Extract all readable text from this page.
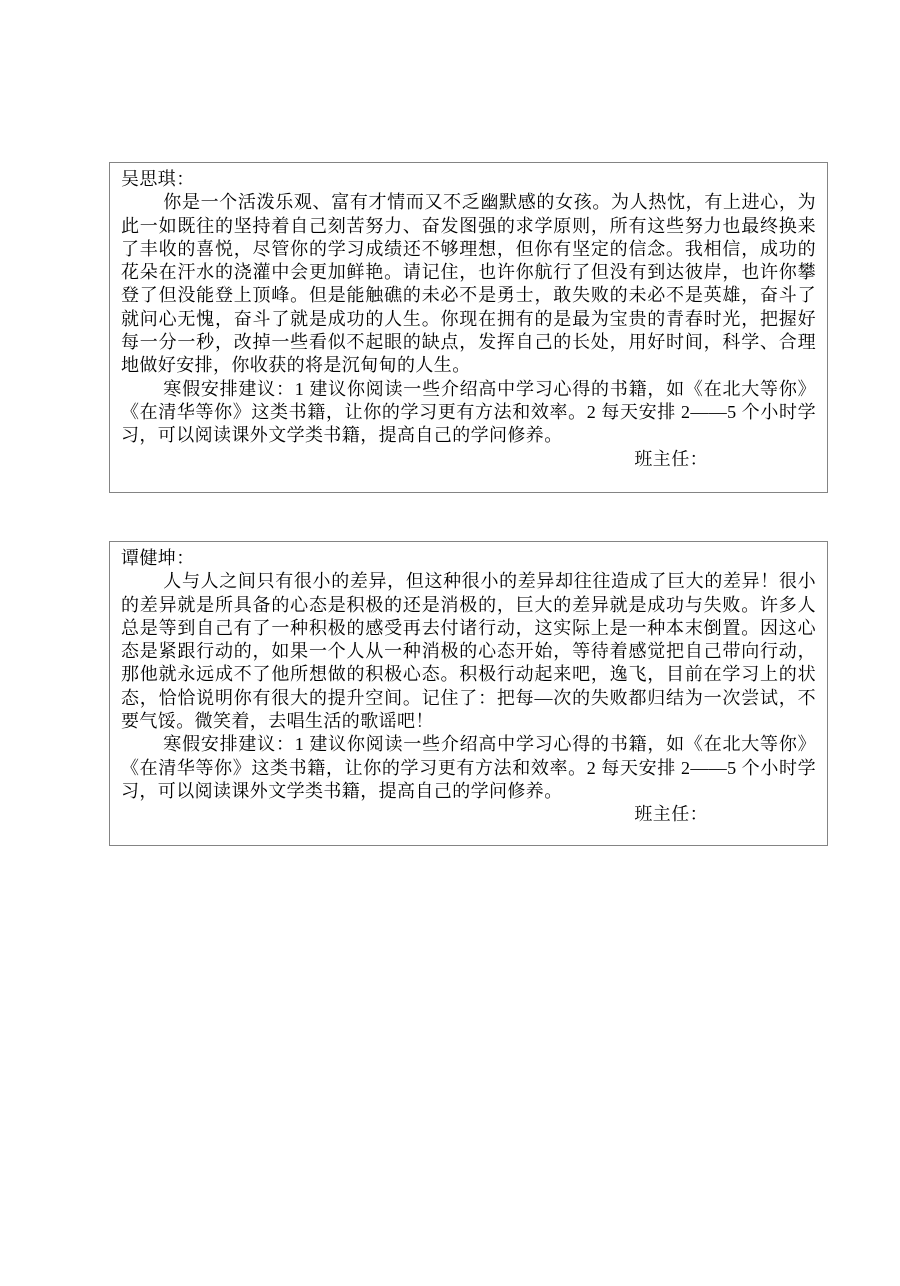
吴思琪：

你是一个活泼乐观、富有才情而又不乏幽默感的女孩。为人热忱，有上进心，为此一如既往的坚持着自己刻苦努力、奋发图强的求学原则，所有这些努力也最终换来了丰收的喜悦，尽管你的学习成绩还不够理想，但你有坚定的信念。我相信，成功的花朵在汗水的浇灌中会更加鲜艳。请记住，也许你航行了但没有到达彼岸，也许你攀登了但没能登上顶峰。但是能触礁的未必不是勇士，敢失败的未必不是英雄，奋斗了就问心无愧，奋斗了就是成功的人生。你现在拥有的是最为宝贵的青春时光，把握好每一分一秒，改掉一些看似不起眼的缺点，发挥自己的长处，用好时间，科学、合理地做好安排，你收获的将是沉甸甸的人生。

寒假安排建议：1 建议你阅读一些介绍高中学习心得的书籍，如《在北大等你》《在清华等你》这类书籍，让你的学习更有方法和效率。2 每天安排 2——5 个小时学习，可以阅读课外文学类书籍，提高自己的学问修养。

班主任：

谭健坤：

人与人之间只有很小的差异，但这种很小的差异却往往造成了巨大的差异！很小的差异就是所具备的心态是积极的还是消极的，巨大的差异就是成功与失败。许多人总是等到自己有了一种积极的感受再去付诸行动，这实际上是一种本末倒置。因这心态是紧跟行动的，如果一个人从一种消极的心态开始，等待着感觉把自己带向行动，那他就永远成不了他所想做的积极心态。积极行动起来吧，逸飞，目前在学习上的状态，恰恰说明你有很大的提升空间。记住了：把每—次的失败都归结为一次尝试，不要气馁。微笑着，去唱生活的歌谣吧！

寒假安排建议：1 建议你阅读一些介绍高中学习心得的书籍，如《在北大等你》《在清华等你》这类书籍，让你的学习更有方法和效率。2 每天安排 2——5 个小时学习，可以阅读课外文学类书籍，提高自己的学问修养。

班主任：
